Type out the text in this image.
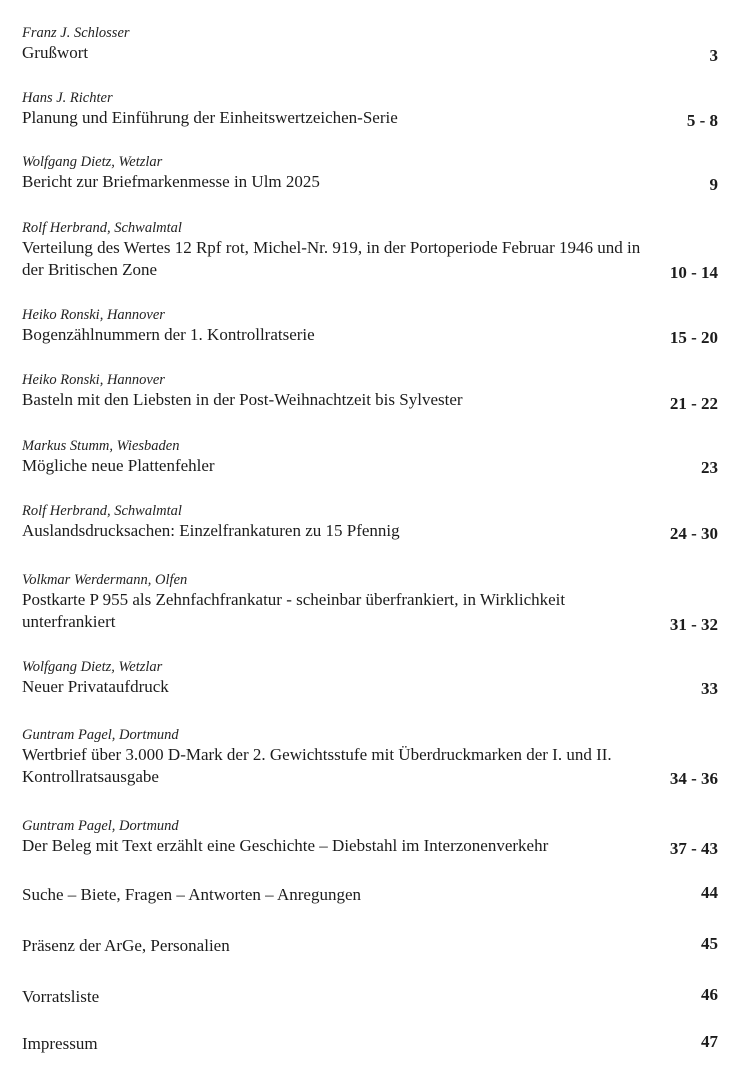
Franz J. Schlosser
Grußwort	3
Hans J. Richter
Planung und Einführung der Einheitswertzeichen-Serie	5 - 8
Wolfgang Dietz, Wetzlar
Bericht zur Briefmarkenmesse in Ulm 2025	9
Rolf Herbrand, Schwalmtal
Verteilung des Wertes 12 Rpf rot, Michel-Nr. 919, in der Portoperiode Februar 1946 und in der Britischen Zone	10 - 14
Heiko Ronski, Hannover
Bogenzählnummern der 1. Kontrollratserie	15 - 20
Heiko Ronski, Hannover
Basteln mit den Liebsten in der Post-Weihnachtzeit bis Sylvester	21 - 22
Markus Stumm, Wiesbaden
Mögliche neue Plattenfehler	23
Rolf Herbrand, Schwalmtal
Auslandsdrucksachen: Einzelfrankaturen zu 15 Pfennig	24 - 30
Volkmar Werdermann, Olfen
Postkarte P 955 als Zehnfachfrankatur - scheinbar überfrankiert, in Wirklichkeit unterfrankiert	31 - 32
Wolfgang Dietz, Wetzlar
Neuer Privataufdruck	33
Guntram Pagel, Dortmund
Wertbrief über 3.000 D-Mark der 2. Gewichtsstufe mit Überdruckmarken der I. und II. Kontrollratsausgabe	34 - 36
Guntram Pagel, Dortmund
Der Beleg mit Text erzählt eine Geschichte – Diebstahl im Interzonenverkehr	37 - 43
Suche – Biete, Fragen – Antworten – Anregungen	44
Präsenz der ArGe, Personalien	45
Vorratsliste	46
Impressum	47
